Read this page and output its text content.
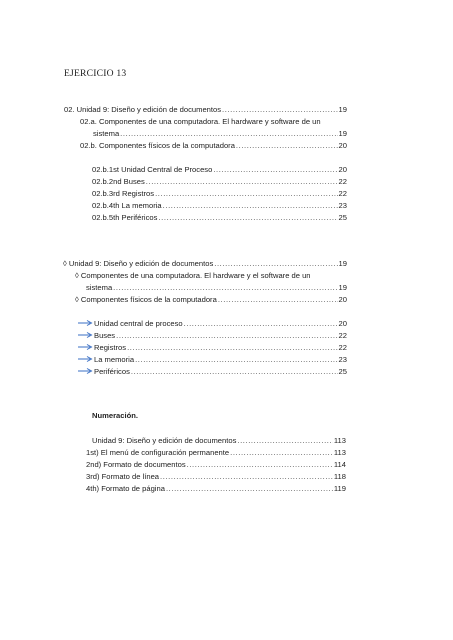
EJERCICIO 13
02. Unidad 9: Diseño y edición de documentos .....	19
02.a. Componentes de una computadora. El hardware y software de un
sistema .....	19
02.b. Componentes físicos de la computadora .....	20
02.b.1st Unidad Central de Proceso .....	20
02.b.2nd Buses .....	22
02.b.3rd Registros .....	22
02.b.4th La memoria .....	23
02.b.5th Periféricos .....	25
◊ Unidad 9: Diseño y edición de documentos .....	19
◊ Componentes de una computadora. El hardware y el software de un
sistema .....	19
◊ Componentes físicos de la computadora .....	20
Unidad central de proceso .....	20
Buses .....	22
Registros .....	22
La memoria .....	23
Periféricos .....	25
Numeración.
Unidad 9: Diseño y edición de documentos .....	113
1st) El menú de configuración permanente .....	113
2nd) Formato de documentos .....	114
3rd) Formato de línea .....	118
4th) Formato de página .....	119
